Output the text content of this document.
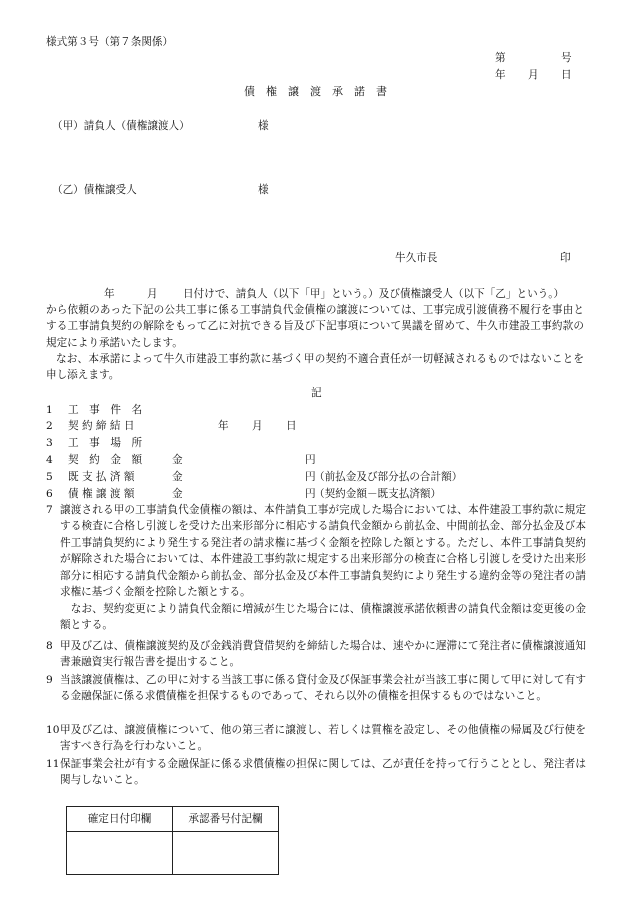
様式第３号（第７条関係）
第	号
年 月 日
債　権　譲　渡　承　諾　書
（甲）請負人（債権譲渡人）	様
（乙）債権譲受人	様
牛久市長	印
年	月 日付けで、請負人（以下「甲」という。）及び債権譲受人（以下「乙」という。）
から依頼のあった下記の公共工事に係る工事請負代金債権の譲渡については、工事完成引渡債務不履行を事由とする工事請負契約の解除をもって乙に対抗できる旨及び下記事項について異議を留めて、牛久市建設工事約款の規定により承諾いたします。
なお、本承諾によって牛久市建設工事約款に基づく甲の契約不適合責任が一切軽減されるものではないことを申し添えます。
記
1 工　事　件　名
2 契 約 締 結 日	年 月 日
3 工　事　場　所
4 契　約　金　額	金	円
5 既 支 払 済 額	金	円
（前払金及び部分払の合計額）
6 債 権 譲 渡 額	金	円
（契約金額－既支払済額）
7 譲渡される甲の工事請負代金債権の額は、本件請負工事が完成した場合においては、本件建設工事約款に規定する検査に合格し引渡しを受けた出来形部分に相応する請負代金額から前払金、中間前払金、部分払金及び本件工事請負契約により発生する発注者の請求権に基づく金額を控除した額とする。ただし、本件工事請負契約が解除された場合においては、本件建設工事約款に規定する出来形部分の検査に合格し引渡しを受けた出来形部分に相応する請負代金額から前払金、部分払金及び本件工事請負契約により発生する違約金等の発注者の請求権に基づく金額を控除した額とする。
　なお、契約変更により請負代金額に増減が生じた場合には、債権譲渡承諾依頼書の請負代金額は変更後の金額とする。
8 甲及び乙は、債権譲渡契約及び金銭消費貸借契約を締結した場合は、速やかに遅滞にて発注者に債権譲渡通知書兼融資実行報告書を提出すること。
9 当該譲渡債権は、乙の甲に対する当該工事に係る貸付金及び保証事業会社が当該工事に関して甲に対して有する金融保証に係る求償債権を担保するものであって、それら以外の債権を担保するものではないこと。
10 甲及び乙は、譲渡債権について、他の第三者に譲渡し、若しくは質権を設定し、その他債権の帰属及び行使を害すべき行為を行わないこと。
11 保証事業会社が有する金融保証に係る求償債権の担保に関しては、乙が責任を持って行うこととし、発注者は関与しないこと。
確定日付印欄	承認番号付記欄
